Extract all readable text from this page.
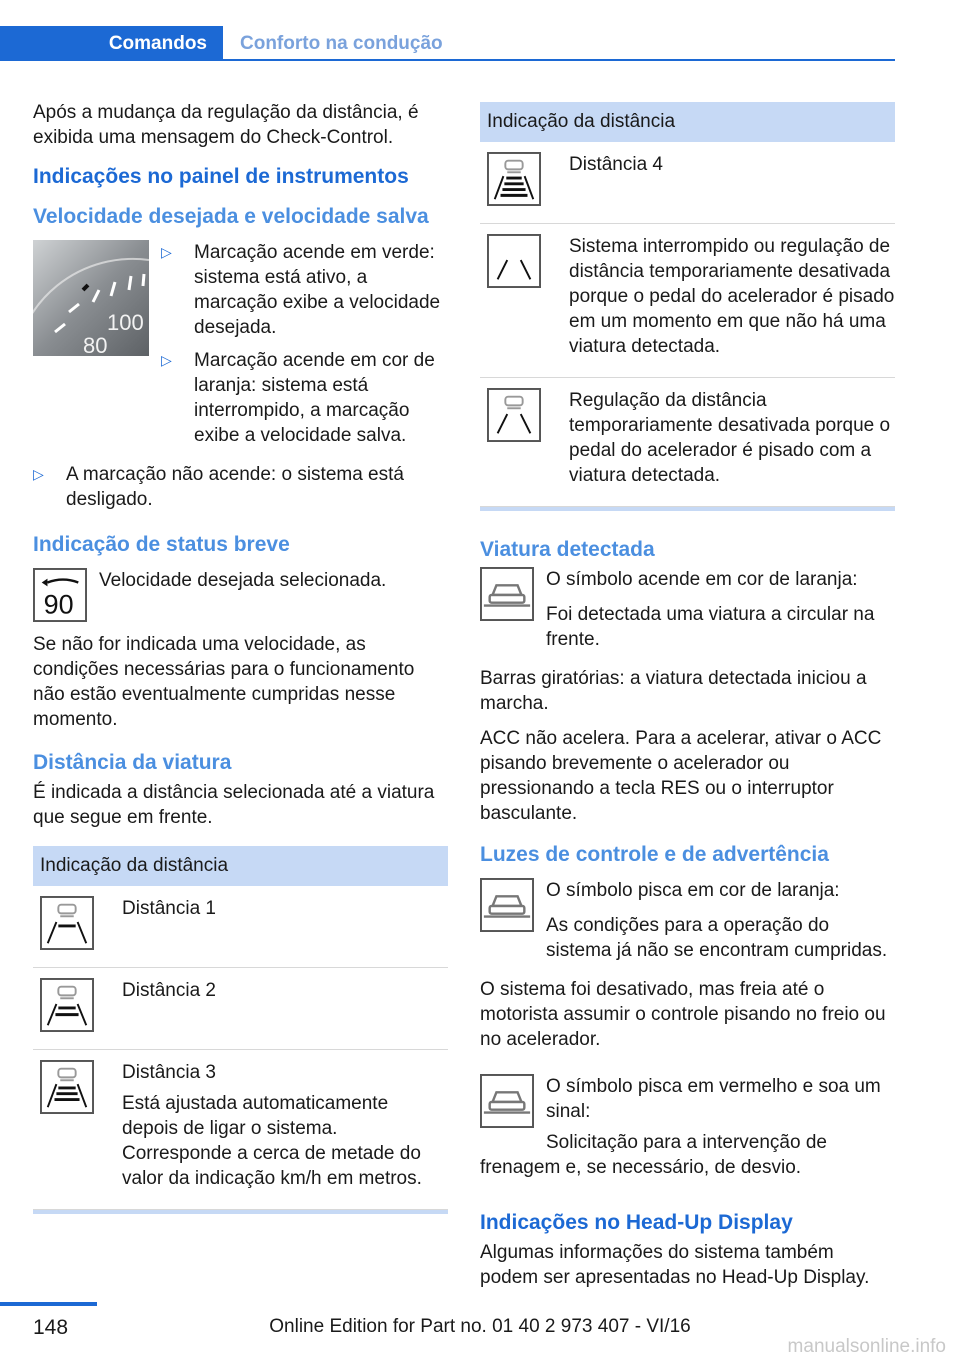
Comandos	Conforto na condução

Após a mudança da regulação da distância, é exibida uma mensagem do Check-Control.

Indicações no painel de instrumentos
Velocidade desejada e velocidade salva
100
80
▷ Marcação acende em verde: sistema está ativo, a marcação exibe a velocidade desejada.
▷ Marcação acende em cor de laranja: sistema está interrompido, a marcação exibe a velocidade salva.
▷ A marcação não acende: o sistema está desligado.
Indicação de status breve
90

Velocidade desejada selecionada.

Se não for indicada uma velocidade, as condições necessárias para o funcionamento não estão eventualmente cumpridas nesse momento.

Distância da viatura

É indicada a distância selecionada até a viatura que segue em frente.

Indicação da distância

Distância 1

Distância 2

Distância 3

Está ajustada automaticamente depois de ligar o sistema. Corresponde a cerca de metade do valor da indicação km/h em metros.

Indicação da distância

Distância 4

Sistema interrompido ou regulação de distância temporariamente desativada porque o pedal do acelerador é pisado em um momento em que não há uma viatura detectada.

Regulação da distância temporariamente desativada porque o pedal do acelerador é pisado com a viatura detectada.

Viatura detectada

O símbolo acende em cor de laranja:

Foi detectada uma viatura a circular na frente.

Barras giratórias: a viatura detectada iniciou a marcha.

ACC não acelera. Para a acelerar, ativar o ACC pisando brevemente o acelerador ou pressionando a tecla RES ou o interruptor basculante.

Luzes de controle e de advertência

O símbolo pisca em cor de laranja:

As condições para a operação do sistema já não se encontram cumpridas.

O sistema foi desativado, mas freia até o motorista assumir o controle pisando no freio ou no acelerador.

O símbolo pisca em vermelho e soa um sinal:

Solicitação para a intervenção de frenagem e, se necessário, de desvio.

Indicações no Head-Up Display

Algumas informações do sistema também podem ser apresentadas no Head-Up Display.

148	Online Edition for Part no. 01 40 2 973 407 - VI/16
manualsonline.info
